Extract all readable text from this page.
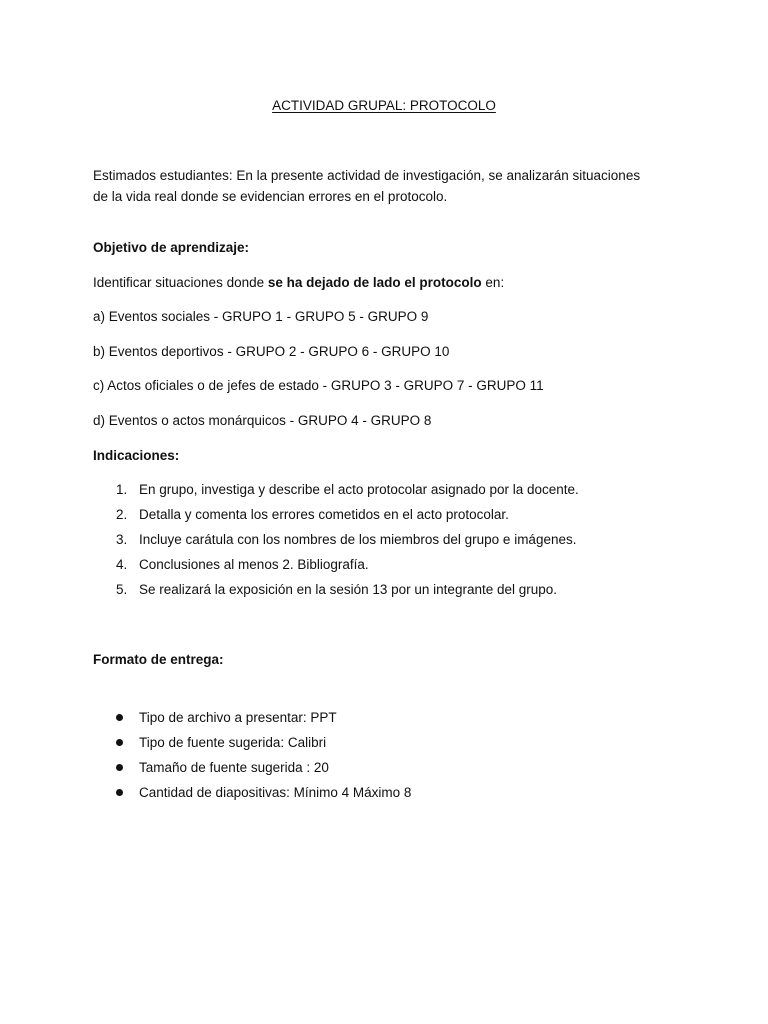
ACTIVIDAD GRUPAL: PROTOCOLO
Estimados estudiantes: En la presente actividad de investigación, se analizarán situaciones
de la vida real donde se evidencian errores en el protocolo.
Objetivo de aprendizaje:
Identificar situaciones donde se ha dejado de lado el protocolo en:
a) Eventos sociales - GRUPO 1 - GRUPO 5 - GRUPO 9
b) Eventos deportivos - GRUPO 2 - GRUPO 6 - GRUPO 10
c) Actos oficiales o de jefes de estado - GRUPO 3 - GRUPO 7 - GRUPO 11
d) Eventos o actos monárquicos - GRUPO 4 - GRUPO 8
Indicaciones:
1. En grupo, investiga y describe el acto protocolar asignado por la docente.
2. Detalla y comenta los errores cometidos en el acto protocolar.
3. Incluye carátula con los nombres de los miembros del grupo e imágenes.
4. Conclusiones al menos 2. Bibliografía.
5. Se realizará la exposición en la sesión 13 por un integrante del grupo.
Formato de entrega:
Tipo de archivo a presentar: PPT
Tipo de fuente sugerida: Calibri
Tamaño de fuente sugerida : 20
Cantidad de diapositivas: Mínimo 4 Máximo 8
